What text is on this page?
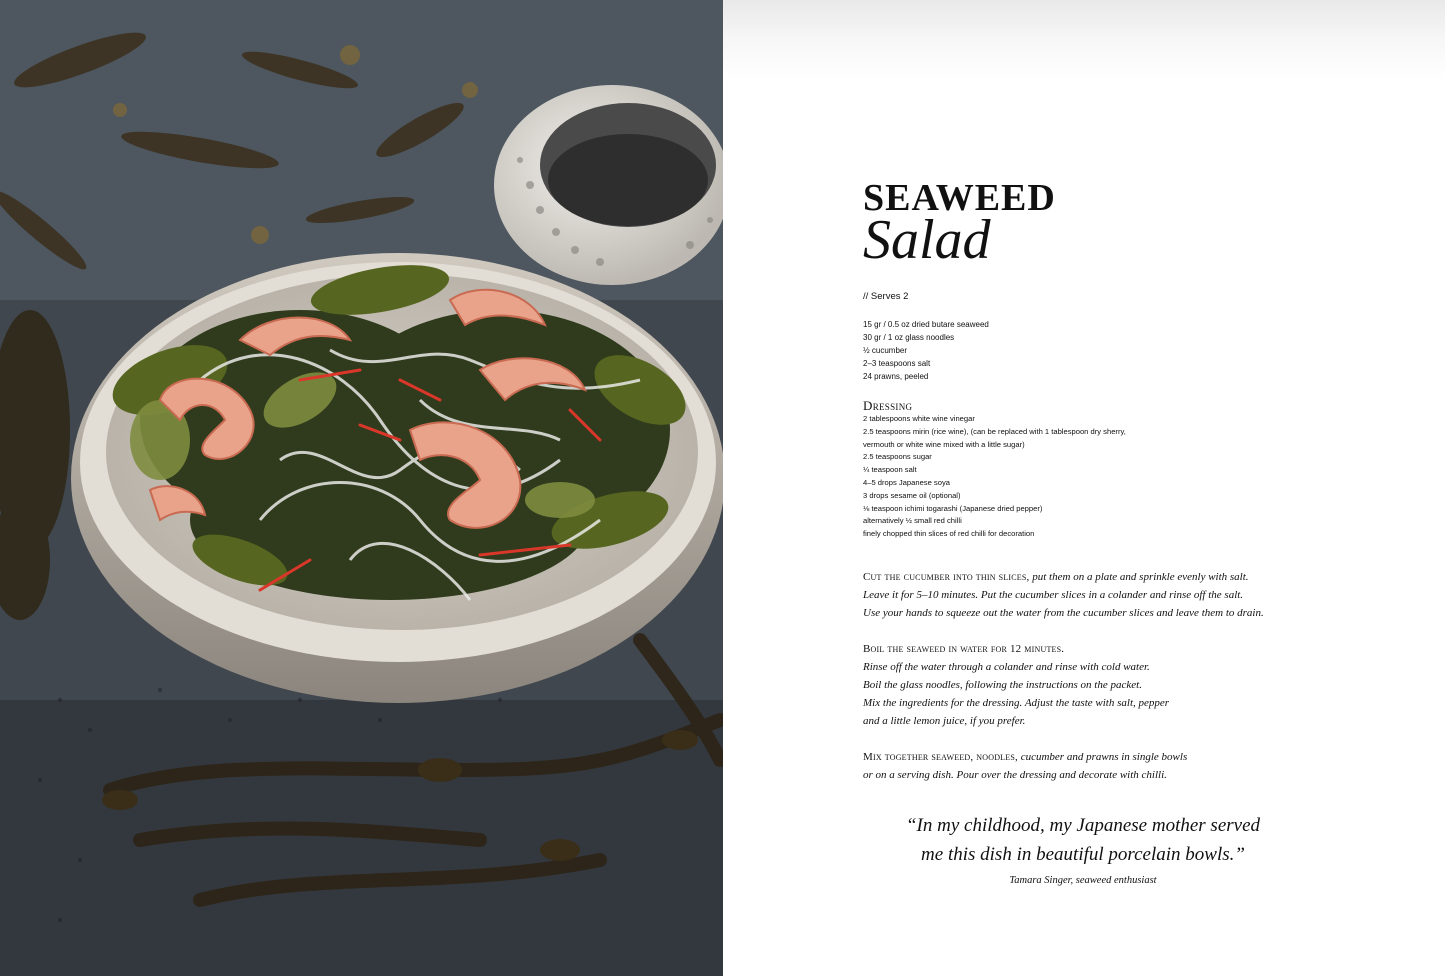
SEAWEED
Salad
// Serves 2
15 gr / 0.5 oz dried butare seaweed
30 gr / 1 oz glass noodles
½ cucumber
2–3 teaspoons salt
24 prawns, peeled
Dressing
2 tablespoons white wine vinegar
2.5 teaspoons mirin (rice wine), (can be replaced with 1 tablespoon dry sherry,
vermouth or white wine mixed with a little sugar)
2.5 teaspoons sugar
¼ teaspoon salt
4–5 drops Japanese soya
3 drops sesame oil (optional)
⅛ teaspoon ichimi togarashi (Japanese dried pepper)
alternatively ½ small red chilli
finely chopped thin slices of red chilli for decoration

Cut the cucumber into thin slices, put them on a plate and sprinkle evenly with salt.
Leave it for 5–10 minutes. Put the cucumber slices in a colander and rinse off the salt.
Use your hands to squeeze out the water from the cucumber slices and leave them to drain.

Boil the seaweed in water for 12 minutes.
Rinse off the water through a colander and rinse with cold water.
Boil the glass noodles, following the instructions on the packet.
Mix the ingredients for the dressing. Adjust the taste with salt, pepper
and a little lemon juice, if you prefer.

Mix together seaweed, noodles, cucumber and prawns in single bowls
or on a serving dish. Pour over the dressing and decorate with chilli.

“In my childhood, my Japanese mother served
me this dish in beautiful porcelain bowls.”
Tamara Singer, seaweed enthusiast
